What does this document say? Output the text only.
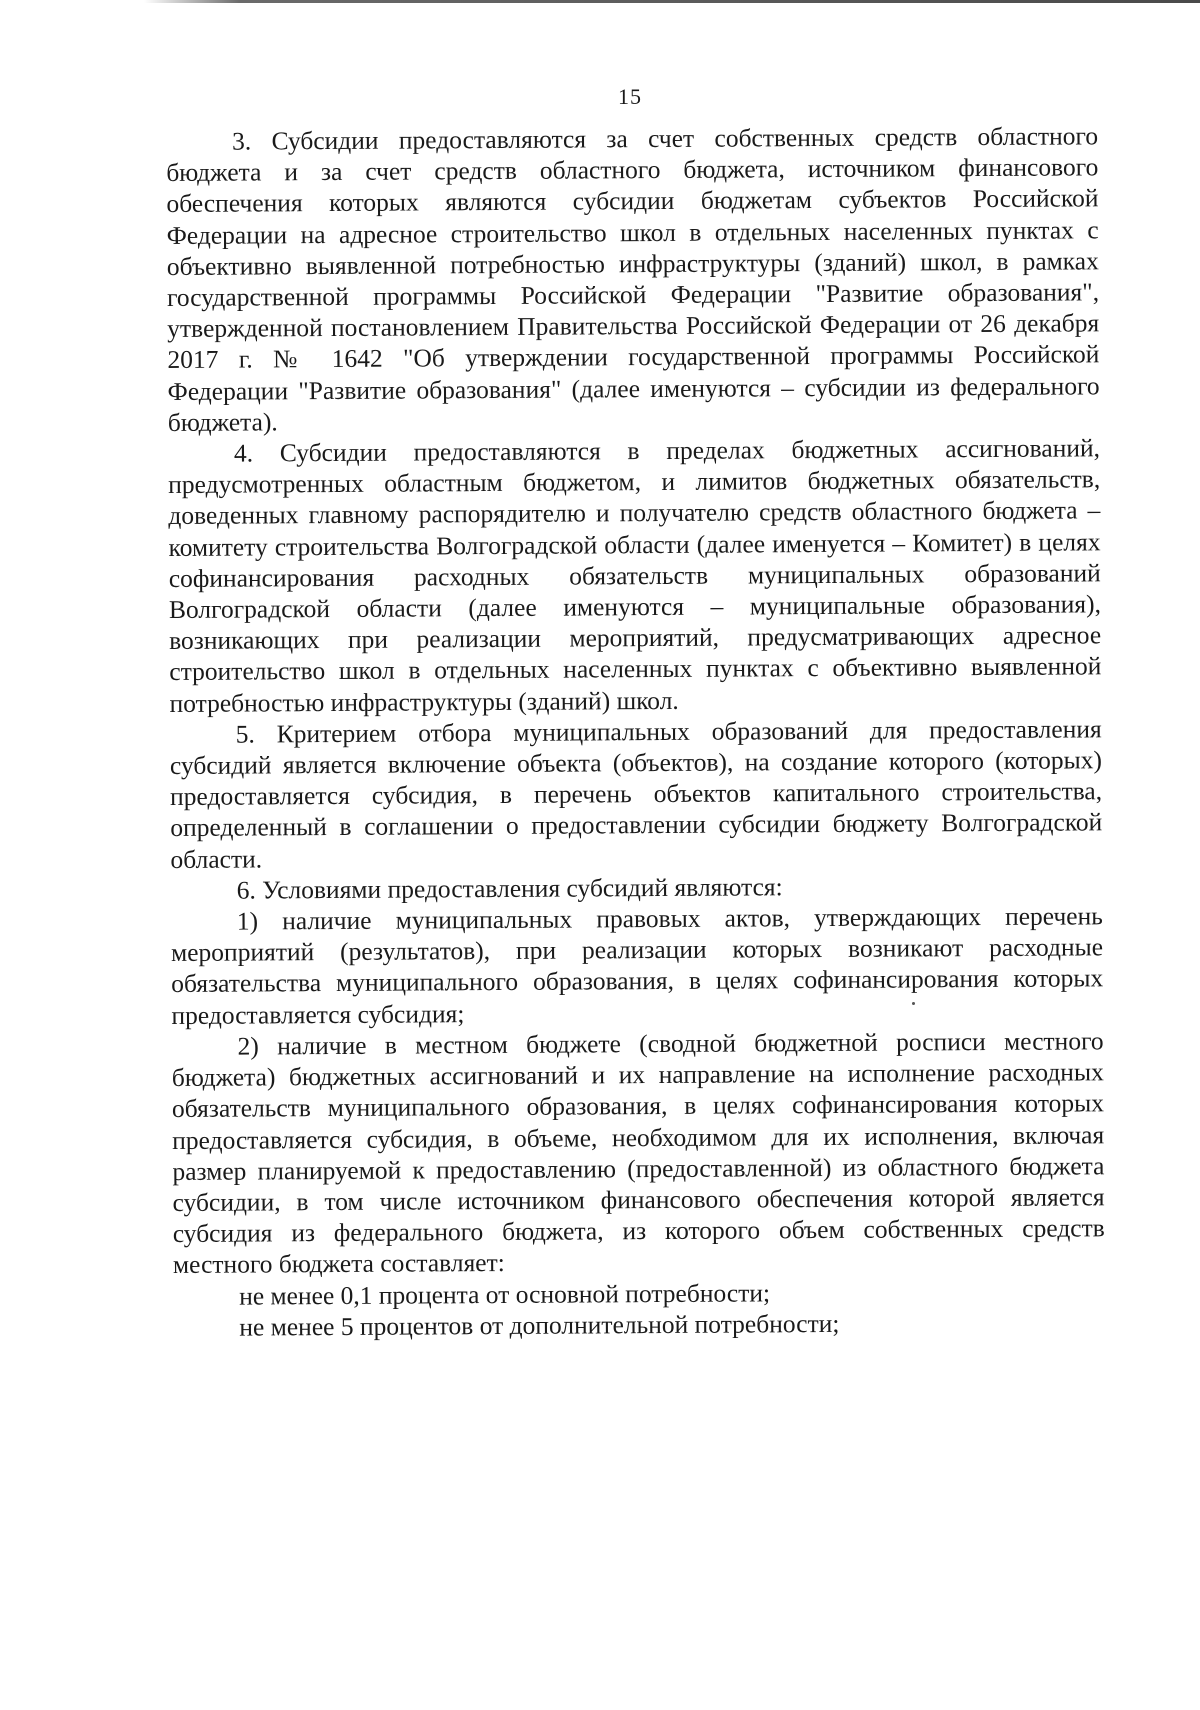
15

3. Субсидии предоставляются за счет собственных средств областного бюджета и за счет средств областного бюджета, источником финансового обеспечения которых являются субсидии бюджетам субъектов Российской Федерации на адресное строительство школ в отдельных населенных пунктах с объективно выявленной потребностью инфраструктуры (зданий) школ, в рамках государственной программы Российской Федерации "Развитие образования", утвержденной постановлением Правительства Российской Федерации от 26 декабря 2017 г. № 1642 "Об утверждении государственной программы Российской Федерации "Развитие образования" (далее именуются – субсидии из федерального бюджета).

4. Субсидии предоставляются в пределах бюджетных ассигнований, предусмотренных областным бюджетом, и лимитов бюджетных обязательств, доведенных главному распорядителю и получателю средств областного бюджета – комитету строительства Волгоградской области (далее именуется – Комитет) в целях софинансирования расходных обязательств муниципальных образований Волгоградской области (далее именуются – муниципальные образования), возникающих при реализации мероприятий, предусматривающих адресное строительство школ в отдельных населенных пунктах с объективно выявленной потребностью инфраструктуры (зданий) школ.

5. Критерием отбора муниципальных образований для предоставления субсидий является включение объекта (объектов), на создание которого (которых) предоставляется субсидия, в перечень объектов капитального строительства, определенный в соглашении о предоставлении субсидии бюджету Волгоградской области.

6. Условиями предоставления субсидий являются:

1) наличие муниципальных правовых актов, утверждающих перечень мероприятий (результатов), при реализации которых возникают расходные обязательства муниципального образования, в целях софинансирования которых предоставляется субсидия;

2) наличие в местном бюджете (сводной бюджетной росписи местного бюджета) бюджетных ассигнований и их направление на исполнение расходных обязательств муниципального образования, в целях софинансирования которых предоставляется субсидия, в объеме, необходимом для их исполнения, включая размер планируемой к предоставлению (предоставленной) из областного бюджета субсидии, в том числе источником финансового обеспечения которой является субсидия из федерального бюджета, из которого объем собственных средств местного бюджета составляет:

не менее 0,1 процента от основной потребности;

не менее 5 процентов от дополнительной потребности;
